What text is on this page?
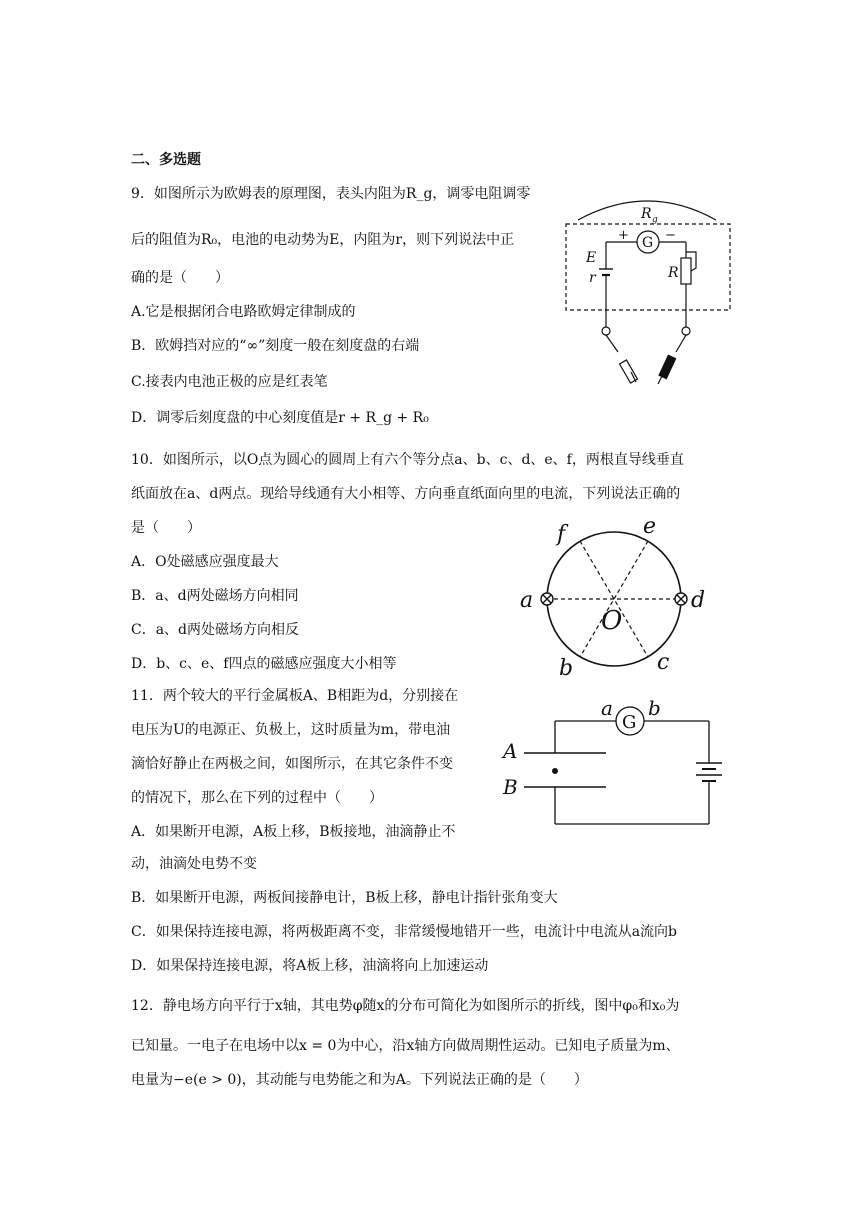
二、多选题
9．如图所示为欧姆表的原理图，表头内阻为R_g，调零电阻调零
后的阻值为R₀，电池的电动势为E，内阻为r，则下列说法中正
确的是（　　）
A.它是根据闭合电路欧姆定律制成的
B．欧姆挡对应的“∞”刻度一般在刻度盘的右端
C.接表内电池正极的应是红表笔
D．调零后刻度盘的中心刻度值是r + R_g + R₀
R g
G
+	−
E
r	R
10．如图所示，以O点为圆心的圆周上有六个等分点a、b、c、d、e、f，两根直导线垂直
纸面放在a、d两点。现给导线通有大小相等、方向垂直纸面向里的电流，下列说法正确的
是（　　）
A．O处磁感应强度最大
B．a、d两处磁场方向相同
C．a、d两处磁场方向相反
D．b、c、e、f四点的磁感应强度大小相等
a	d
f	e
b	c
O
11．两个较大的平行金属板A、B相距为d，分别接在
电压为U的电源正、负极上，这时质量为m，带电油
滴恰好静止在两极之间，如图所示，在其它条件不变
的情况下，那么在下列的过程中（　　）
A．如果断开电源，A板上移，B板接地，油滴静止不
动，油滴处电势不变
B．如果断开电源，两板间接静电计，B板上移，静电计指针张角变大
C．如果保持连接电源，将两极距离不变，非常缓慢地错开一些，电流计中电流从a流向b
D．如果保持连接电源，将A板上移，油滴将向上加速运动
G
a b
A
B
12．静电场方向平行于x轴，其电势φ随x的分布可简化为如图所示的折线，图中φ₀和x₀为
已知量。一电子在电场中以x = 0为中心，沿x轴方向做周期性运动。已知电子质量为m、
电量为−e(e > 0)，其动能与电势能之和为A。下列说法正确的是（　　）
